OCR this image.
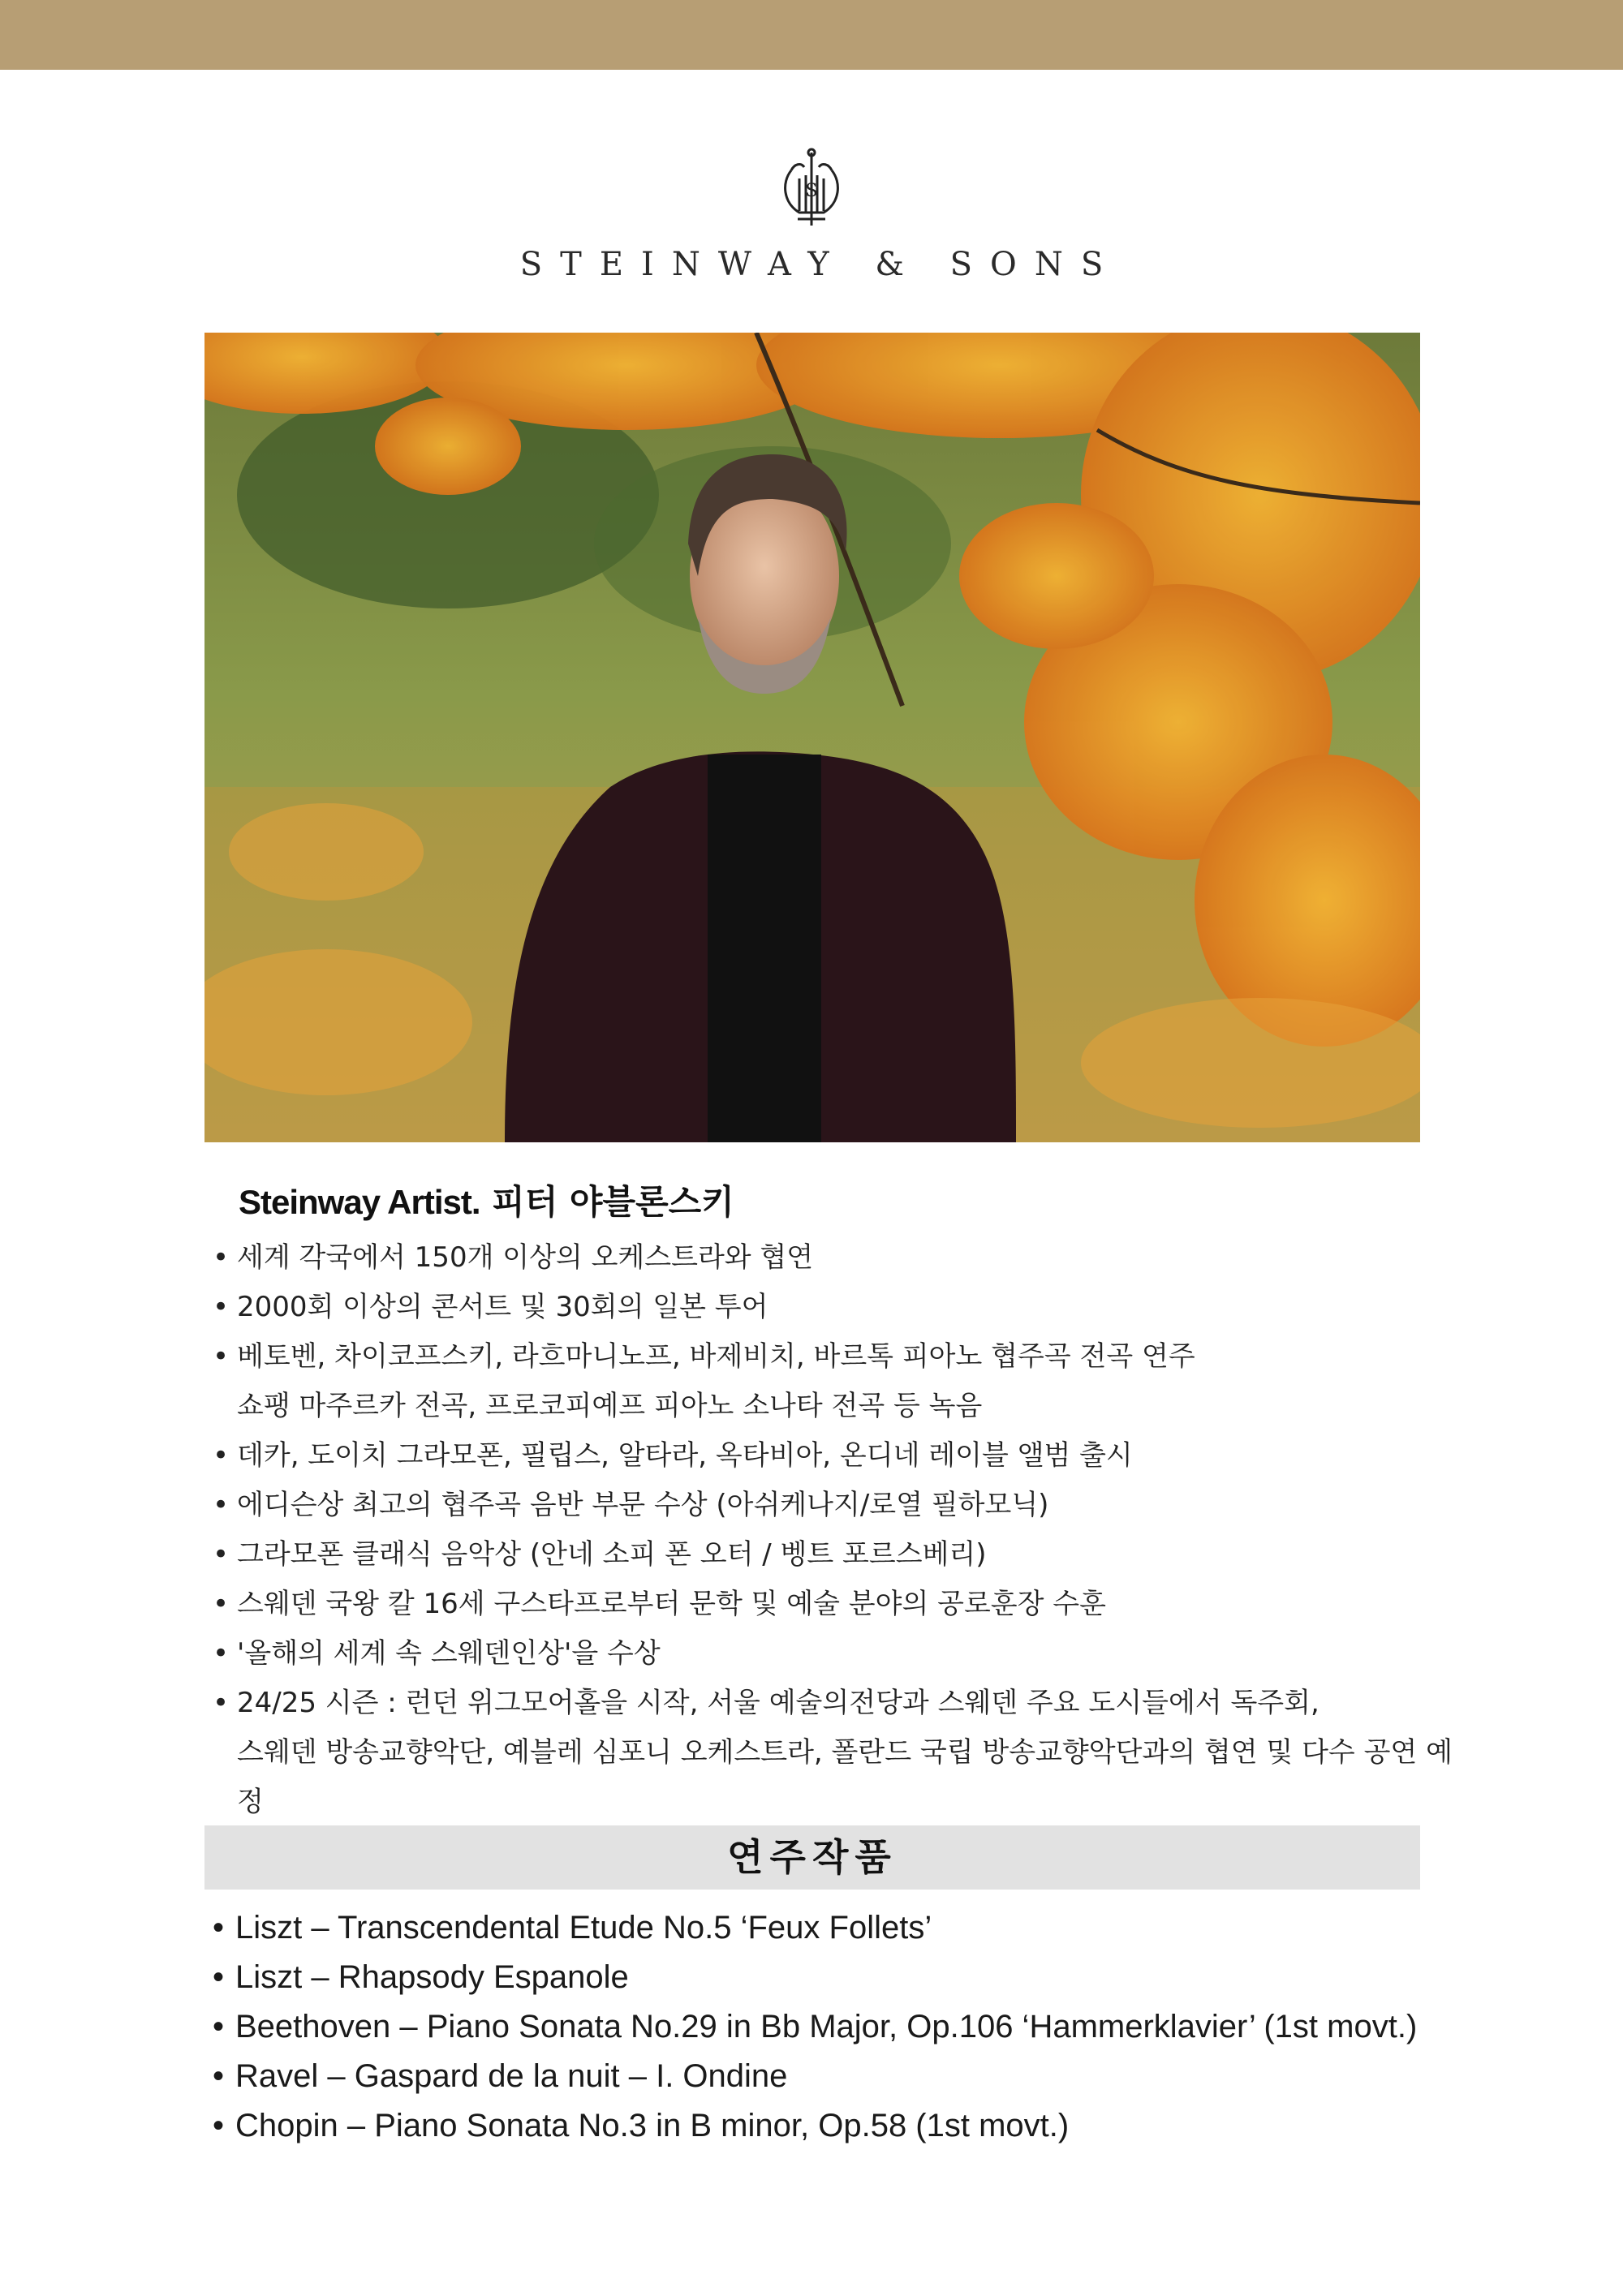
S
STEINWAY & SONS
Steinway Artist. 피터 야블론스키
• 세계 각국에서 150개 이상의 오케스트라와 협연
• 2000회 이상의 콘서트 및 30회의 일본 투어
• 베토벤, 차이코프스키, 라흐마니노프, 바제비치, 바르톡 피아노 협주곡 전곡 연주
쇼팽 마주르카 전곡, 프로코피예프 피아노 소나타 전곡 등 녹음
• 데카, 도이치 그라모폰, 필립스, 알타라, 옥타비아, 온디네 레이블 앨범 출시
• 에디슨상 최고의 협주곡 음반 부문 수상 (아쉬케나지/로열 필하모닉)
• 그라모폰 클래식 음악상 (안네 소피 폰 오터 / 벵트 포르스베리)
• 스웨덴 국왕 칼 16세 구스타프로부터 문학 및 예술 분야의 공로훈장 수훈
• '올해의 세계 속 스웨덴인상'을 수상
• 24/25 시즌 : 런던 위그모어홀을 시작, 서울 예술의전당과 스웨덴 주요 도시들에서 독주회,
스웨덴 방송교향악단, 예블레 심포니 오케스트라, 폴란드 국립 방송교향악단과의 협연 및 다수 공연 예정
연주작품
• Liszt – Transcendental Etude No.5 ‘Feux Follets’
• Liszt – Rhapsody Espanole
• Beethoven – Piano Sonata No.29 in Bb Major, Op.106 ‘Hammerklavier’ (1st movt.)
• Ravel – Gaspard de la nuit – I. Ondine
• Chopin – Piano Sonata No.3 in B minor, Op.58 (1st movt.)
